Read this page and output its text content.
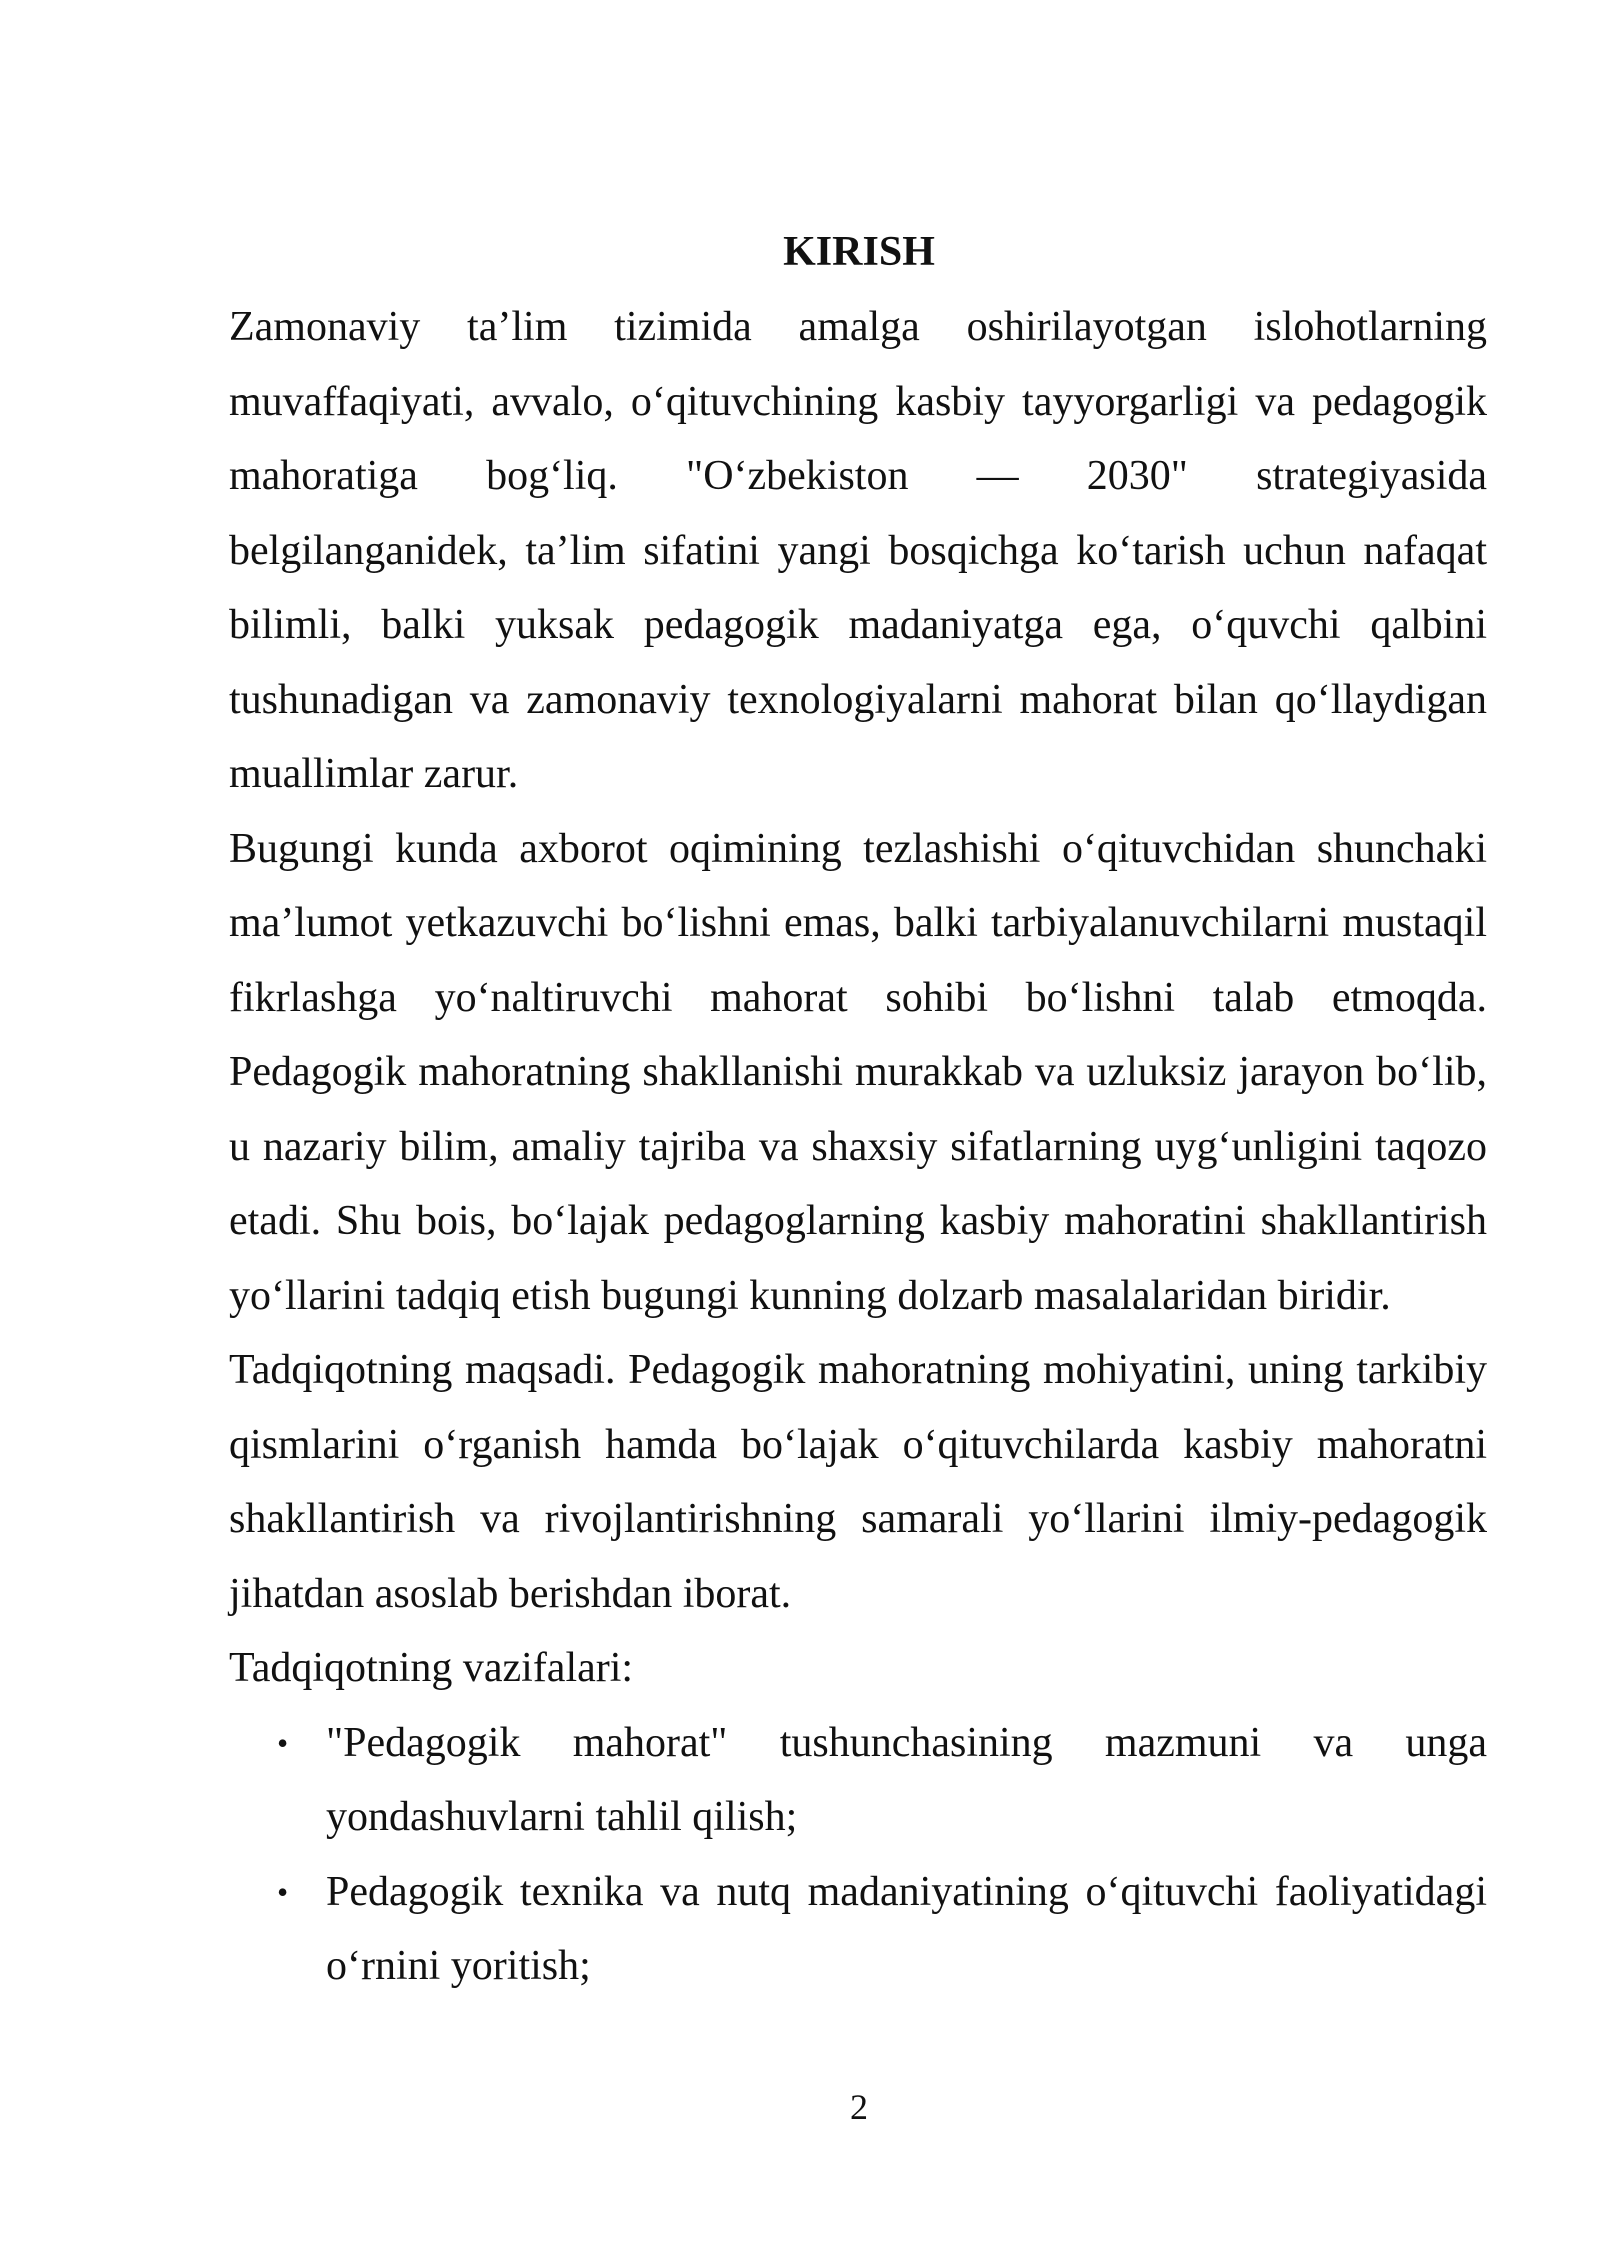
KIRISH

Zamonaviy ta’lim tizimida amalga oshirilayotgan islohotlarning muvaffaqiyati, avvalo, o‘qituvchining kasbiy tayyorgarligi va pedagogik mahoratiga bog‘liq. "O‘zbekiston — 2030" strategiyasida belgilanganidek, ta’lim sifatini yangi bosqichga ko‘tarish uchun nafaqat bilimli, balki yuksak pedagogik madaniyatga ega, o‘quvchi qalbini tushunadigan va zamonaviy texnologiyalarni mahorat bilan qo‘llaydigan muallimlar zarur.

Bugungi kunda axborot oqimining tezlashishi o‘qituvchidan shunchaki ma’lumot yetkazuvchi bo‘lishni emas, balki tarbiyalanuvchilarni mustaqil fikrlashga yo‘naltiruvchi mahorat sohibi bo‘lishni talab etmoqda. Pedagogik mahoratning shakllanishi murakkab va uzluksiz jarayon bo‘lib, u nazariy bilim, amaliy tajriba va shaxsiy sifatlarning uyg‘unligini taqozo etadi. Shu bois, bo‘lajak pedagoglarning kasbiy mahoratini shakllantirish yo‘llarini tadqiq etish bugungi kunning dolzarb masalalaridan biridir.

Tadqiqotning maqsadi. Pedagogik mahoratning mohiyatini, uning tarkibiy qismlarini o‘rganish hamda bo‘lajak o‘qituvchilarda kasbiy mahoratni shakllantirish va rivojlantirishning samarali yo‘llarini ilmiy-pedagogik jihatdan asoslab berishdan iborat.

Tadqiqotning vazifalari:

• "Pedagogik mahorat" tushunchasining mazmuni va unga yondashuvlarni tahlil qilish;
• Pedagogik texnika va nutq madaniyatining o‘qituvchi faoliyatidagi o‘rnini yoritish;

2
